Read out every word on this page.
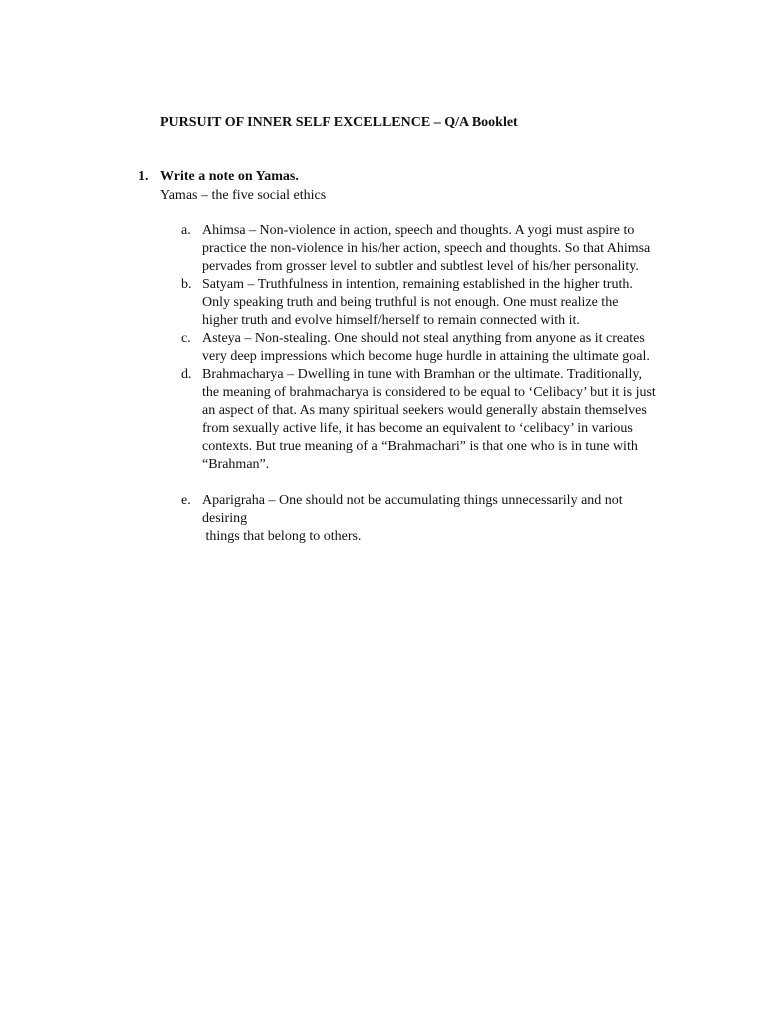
PURSUIT OF INNER SELF EXCELLENCE – Q/A Booklet
1. Write a note on Yamas.
Yamas – the five social ethics
a. Ahimsa – Non-violence in action, speech and thoughts. A yogi must aspire to practice the non-violence in his/her action, speech and thoughts. So that Ahimsa pervades from grosser level to subtler and subtlest level of his/her personality.
b. Satyam – Truthfulness in intention, remaining established in the higher truth. Only speaking truth and being truthful is not enough. One must realize the higher truth and evolve himself/herself to remain connected with it.
c. Asteya – Non-stealing. One should not steal anything from anyone as it creates very deep impressions which become huge hurdle in attaining the ultimate goal.
d. Brahmacharya – Dwelling in tune with Bramhan or the ultimate. Traditionally, the meaning of brahmacharya is considered to be equal to ‘Celibacy’ but it is just an aspect of that. As many spiritual seekers would generally abstain themselves from sexually active life, it has become an equivalent to ‘celibacy’ in various contexts. But true meaning of a “Brahmachari” is that one who is in tune with “Brahman”.
e. Aparigraha – One should not be accumulating things unnecessarily and not
desiring
things that belong to others.
